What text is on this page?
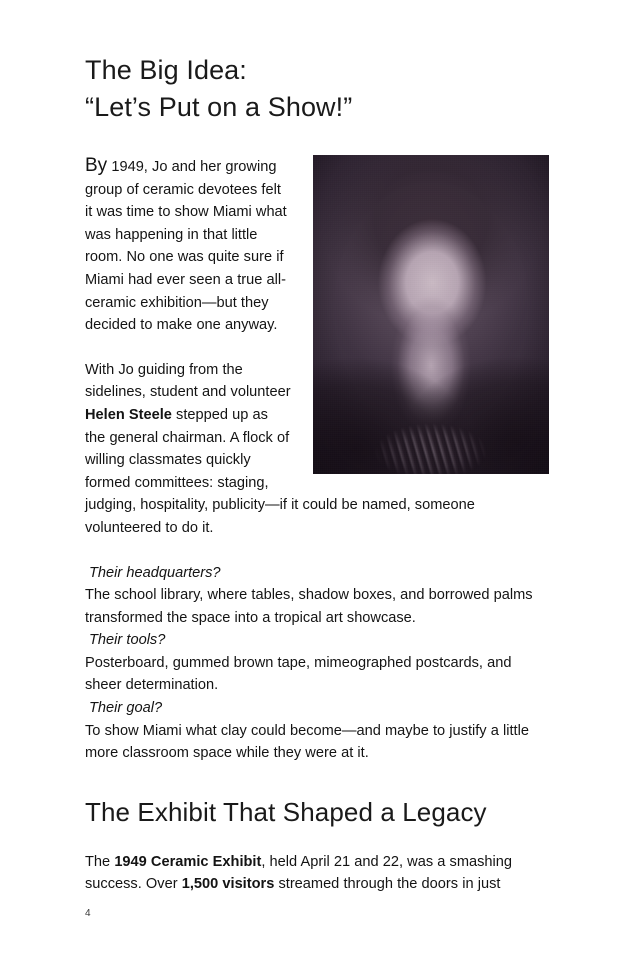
The Big Idea:
“Let’s Put on a Show!”

By 1949, Jo and her growing group of ceramic devotees felt it was time to show Miami what was happening in that little room. No one was quite sure if Miami had ever seen a true all-ceramic exhibition—but they decided to make one anyway.

With Jo guiding from the sidelines, student and volunteer Helen Steele stepped up as the general chairman. A flock of willing classmates quickly formed committees: staging, judging, hospitality, publicity—if it could be named, someone volunteered to do it.

Their headquarters?
The school library, where tables, shadow boxes, and borrowed palms transformed the space into a tropical art showcase.
Their tools?
Posterboard, gummed brown tape, mimeographed postcards, and sheer determination.
Their goal?
To show Miami what clay could become—and maybe to justify a little more classroom space while they were at it.
The Exhibit That Shaped a Legacy

The 1949 Ceramic Exhibit, held April 21 and 22, was a smashing success. Over 1,500 visitors streamed through the doors in just

4
